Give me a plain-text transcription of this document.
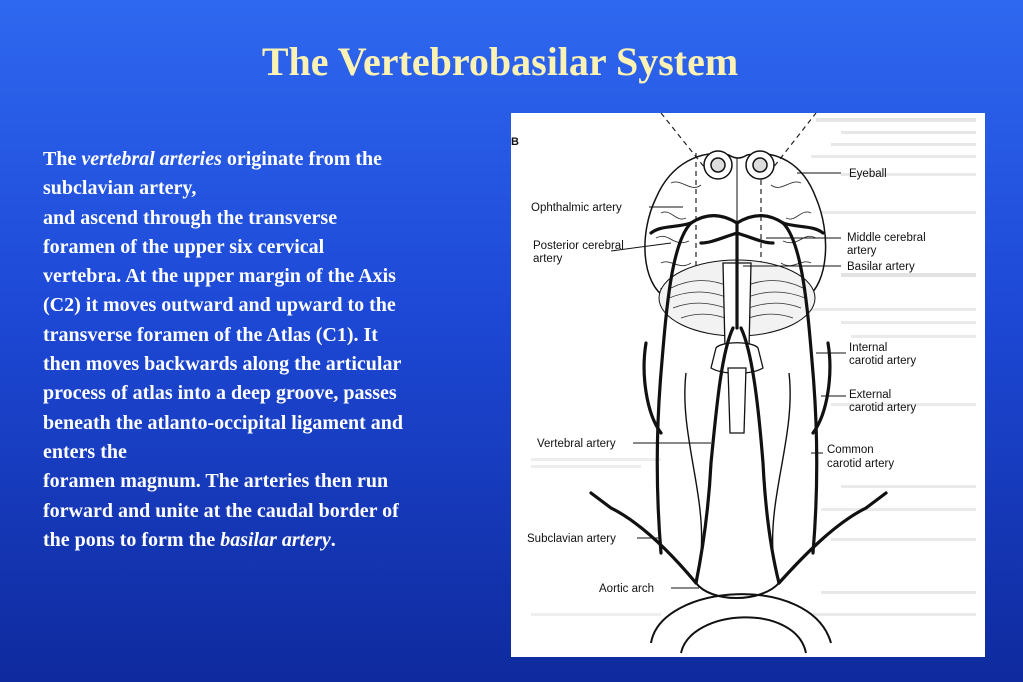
The Vertebrobasilar System
The vertebral arteries originate from the
subclavian artery,
and ascend through the transverse
foramen of the upper six cervical
vertebra. At the upper margin of the Axis
(C2) it moves outward and upward to the
transverse foramen of the Atlas (C1). It
then moves backwards along the articular
process of atlas into a deep groove, passes
beneath the atlanto-occipital ligament and
enters the
foramen magnum. The arteries then run
forward and unite at the caudal border of
the pons to form the basilar artery.
B
Eyeball
Ophthalmic artery
Posterior cerebral
artery
Middle cerebral
artery
Basilar artery
Internal
carotid artery
External
carotid artery
Vertebral artery	Common
carotid artery
Subclavian artery
Aortic arch
